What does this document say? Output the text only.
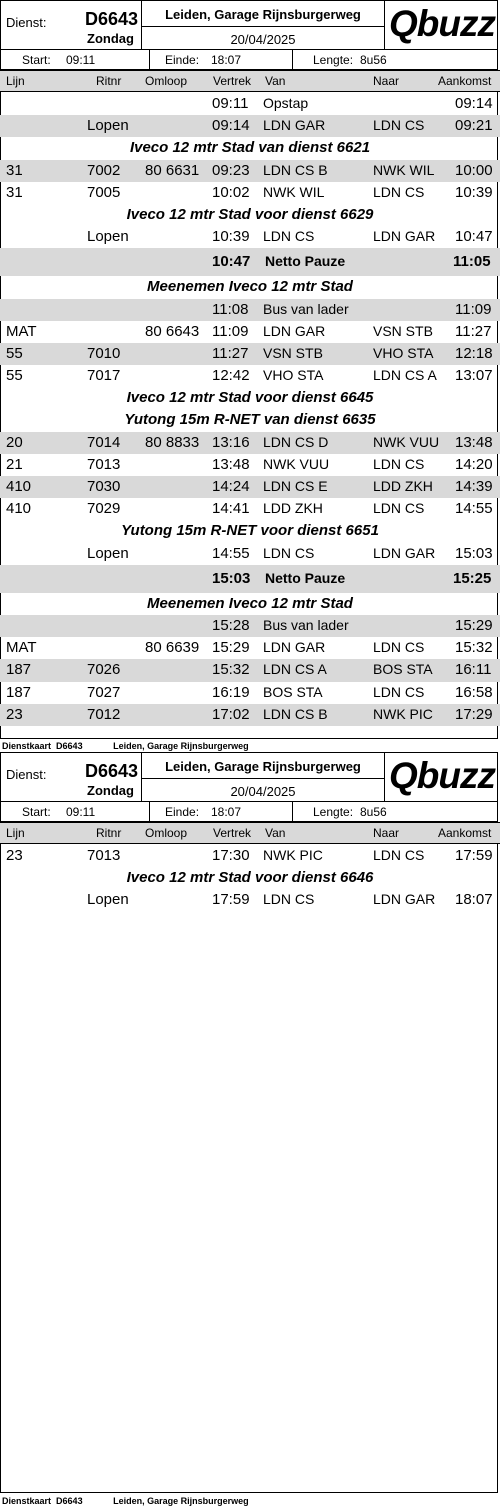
Dienst: D6643
Zondag
Leiden, Garage Rijnsburgerweg
20/04/2025	Qbuzz
Start: 09:11	Einde: 18:07	Lengte: 8u56
Lijn	Ritnr Omloop Vertrek Van	Naar	Aankomst
09:11 Opstap	09:14
Lopen	09:14 LDN GAR	LDN CS 09:21
Iveco 12 mtr Stad van dienst 6621
31	7002 80 6631 09:23 LDN CS B	NWK WIL 10:00
31	7005	10:02 NWK WIL	LDN CS 10:39
Iveco 12 mtr Stad voor dienst 6629
Lopen	10:39 LDN CS	LDN GAR 10:47
10:47 Netto Pauze	11:05
Meenemen Iveco 12 mtr Stad
11:08 Bus van lader	11:09
MAT	80 6643 11:09 LDN GAR	VSN STB 11:27
55	7010	11:27 VSN STB	VHO STA 12:18
55	7017	12:42 VHO STA	LDN CS A 13:07
Iveco 12 mtr Stad voor dienst 6645
Yutong 15m R-NET van dienst 6635
20	7014 80 8833 13:16 LDN CS D	NWK VUU 13:48
21	7013	13:48 NWK VUU	LDN CS 14:20
410	7030	14:24 LDN CS E	LDD ZKH 14:39
410	7029	14:41 LDD ZKH	LDN CS 14:55
Yutong 15m R-NET voor dienst 6651
Lopen	14:55 LDN CS	LDN GAR 15:03
15:03 Netto Pauze	15:25
Meenemen Iveco 12 mtr Stad
15:28 Bus van lader	15:29
MAT	80 6639 15:29 LDN GAR	LDN CS 15:32
187	7026	15:32 LDN CS A	BOS STA 16:11
187	7027	16:19 BOS STA	LDN CS 16:58
23	7012	17:02 LDN CS B	NWK PIC 17:29
Dienstkaart D6643	Leiden, Garage Rijnsburgerweg
Dienst: D6643
Zondag
Leiden, Garage Rijnsburgerweg
20/04/2025	Qbuzz
Start: 09:11	Einde: 18:07	Lengte: 8u56
Lijn	Ritnr Omloop Vertrek Van	Naar	Aankomst
23	7013	17:30 NWK PIC	LDN CS 17:59
Iveco 12 mtr Stad voor dienst 6646
Lopen	17:59 LDN CS	LDN GAR 18:07
Dienstkaart D6643	Leiden, Garage Rijnsburgerweg
